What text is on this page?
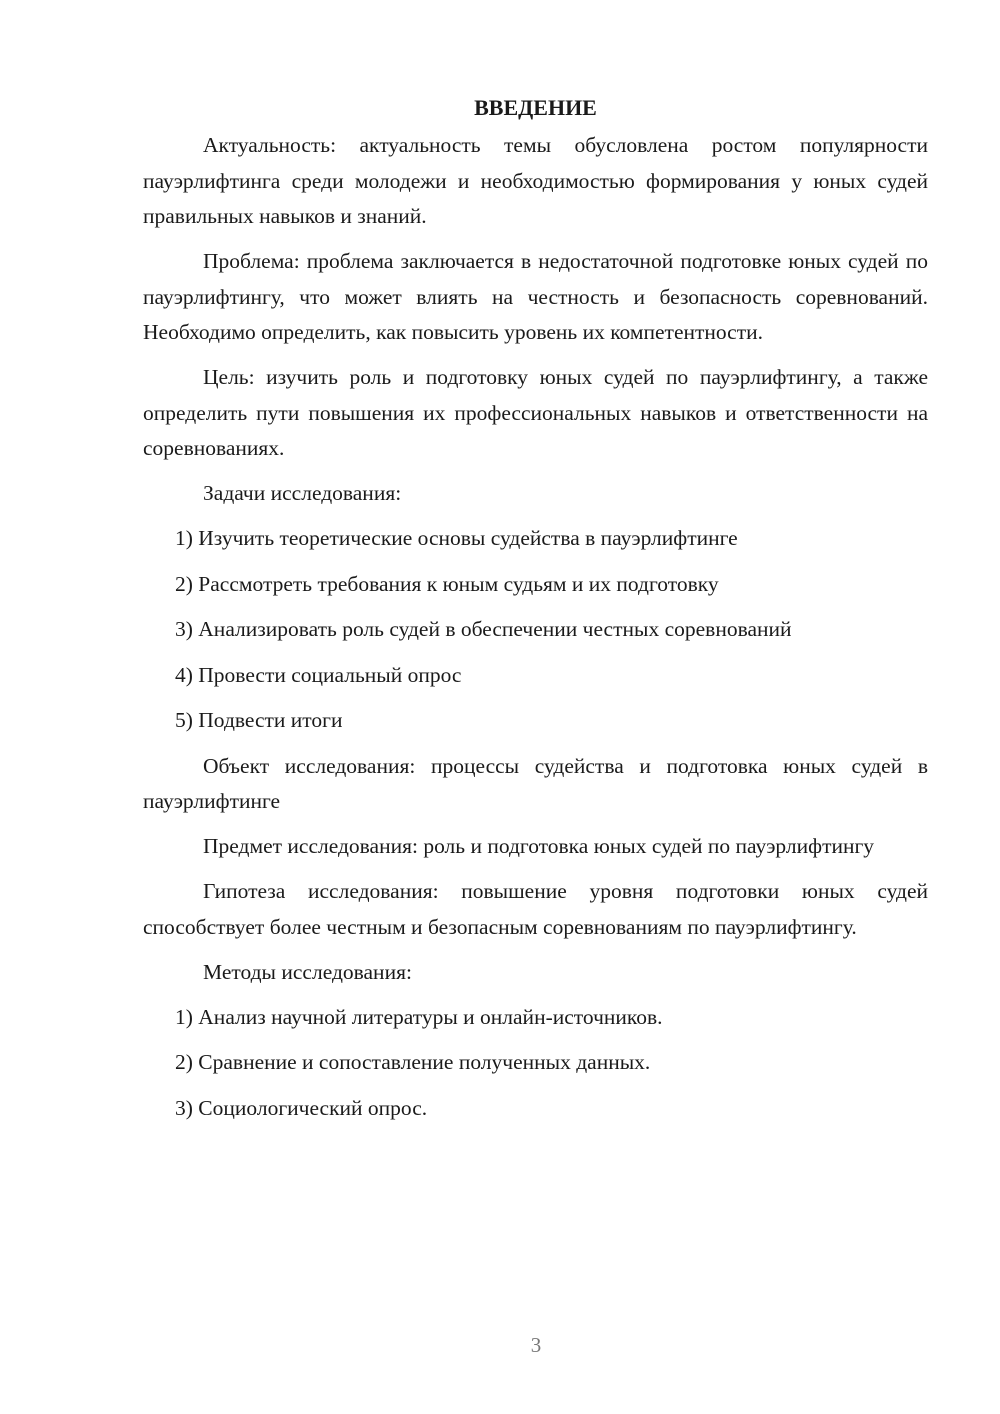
ВВЕДЕНИЕ

Актуальность: актуальность темы обусловлена ростом популярности пауэрлифтинга среди молодежи и необходимостью формирования у юных судей правильных навыков и знаний.

Проблема: проблема заключается в недостаточной подготовке юных судей по пауэрлифтингу, что может влиять на честность и безопасность соревнований. Необходимо определить, как повысить уровень их компетентности.

Цель: изучить роль и подготовку юных судей по пауэрлифтингу, а также определить пути повышения их профессиональных навыков и ответственности на соревнованиях.

Задачи исследования:

1) Изучить теоретические основы судейства в пауэрлифтинге
2) Рассмотреть требования к юным судьям и их подготовку
3) Анализировать роль судей в обеспечении честных соревнований
4) Провести социальный опрос
5) Подвести итоги

Объект исследования: процессы судейства и подготовка юных судей в пауэрлифтинге

Предмет исследования: роль и подготовка юных судей по пауэрлифтингу

Гипотеза исследования: повышение уровня подготовки юных судей способствует более честным и безопасным соревнованиям по пауэрлифтингу.

Методы исследования:

1) Анализ научной литературы и онлайн-источников.
2) Сравнение и сопоставление полученных данных.
3) Социологический опрос.
3
